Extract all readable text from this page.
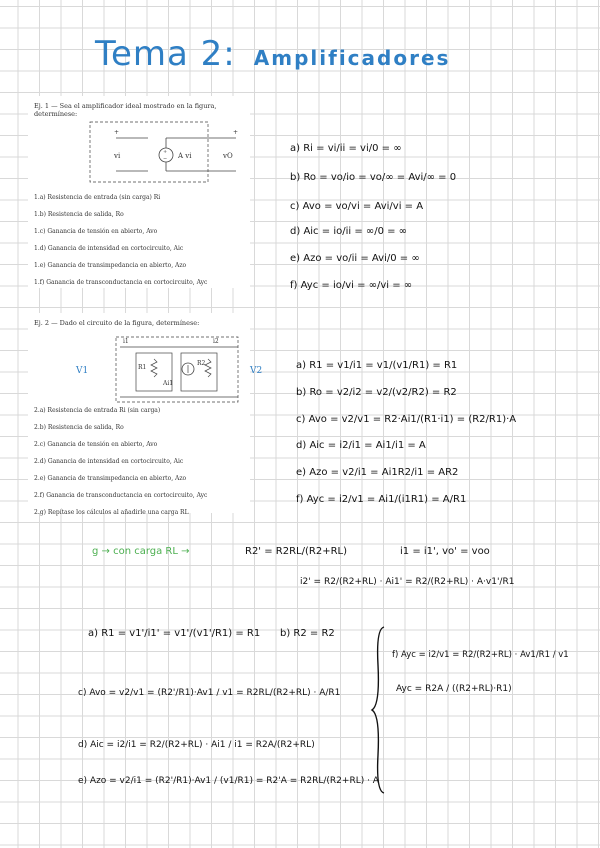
Tema 2: Amplificadores
Ej. 1 — Sea el amplificador ideal mostrado en la figura, determínese:
+
−
+	+
vi	A vi	vO
1.a) Resistencia de entrada (sin carga) Ri
1.b) Resistencia de salida, Ro
1.c) Ganancia de tensión en abierto, Avo
1.d) Ganancia de intensidad en cortocircuito, Aic
1.e) Ganancia de transimpedancia en abierto, Azo
1.f) Ganancia de transconductancia en cortocircuito, Ayc
Ej. 2 — Dado el circuito de la figura, determínese:
i1	i2
R1
R2
Ai1
V1	V2
2.a) Resistencia de entrada Ri (sin carga)
2.b) Resistencia de salida, Ro
2.c) Ganancia de tensión en abierto, Avo
2.d) Ganancia de intensidad en cortocircuito, Aic
2.e) Ganancia de transimpedancia en abierto, Azo
2.f) Ganancia de transconductancia en cortocircuito, Ayc
2.g) Repítase los cálculos al añadirle una carga RL
a) Ri = vi/ii = vi/0 = ∞
b) Ro = vo/io = vo/∞ = Avi/∞ = 0
c) Avo = vo/vi = Avi/vi = A
d) Aic = io/ii = ∞/0 = ∞
e) Azo = vo/ii = Avi/0 = ∞
f) Ayc = io/vi = ∞/vi = ∞
a) R1 = v1/i1 = v1/(v1/R1) = R1
b) Ro = v2/i2 = v2/(v2/R2) = R2
c) Avo = v2/v1 = R2·Ai1/(R1·i1) = (R2/R1)·A
d) Aic = i2/i1 = Ai1/i1 = A
e) Azo = v2/i1 = Ai1R2/i1 = AR2
f) Ayc = i2/v1 = Ai1/(i1R1) = A/R1
g → con carga RL →	R2' = R2RL/(R2+RL)	i1 = i1', vo' = voo
i2' = R2/(R2+RL) · Ai1' = R2/(R2+RL) · A·v1'/R1
a) R1 = v1'/i1' = v1'/(v1'/R1) = R1 b) R2 = R2
c) Avo = v2/v1 = (R2'/R1)·Av1 / v1 = R2RL/(R2+RL) · A/R1
d) Aic = i2/i1 = R2/(R2+RL) · Ai1 / i1 = R2A/(R2+RL)
e) Azo = v2/i1 = (R2'/R1)·Av1 / (v1/R1) = R2'A = R2RL/(R2+RL) · A
f) Ayc = i2/v1 = R2/(R2+RL) · Av1/R1 / v1
Ayc = R2A / ((R2+RL)·R1)
